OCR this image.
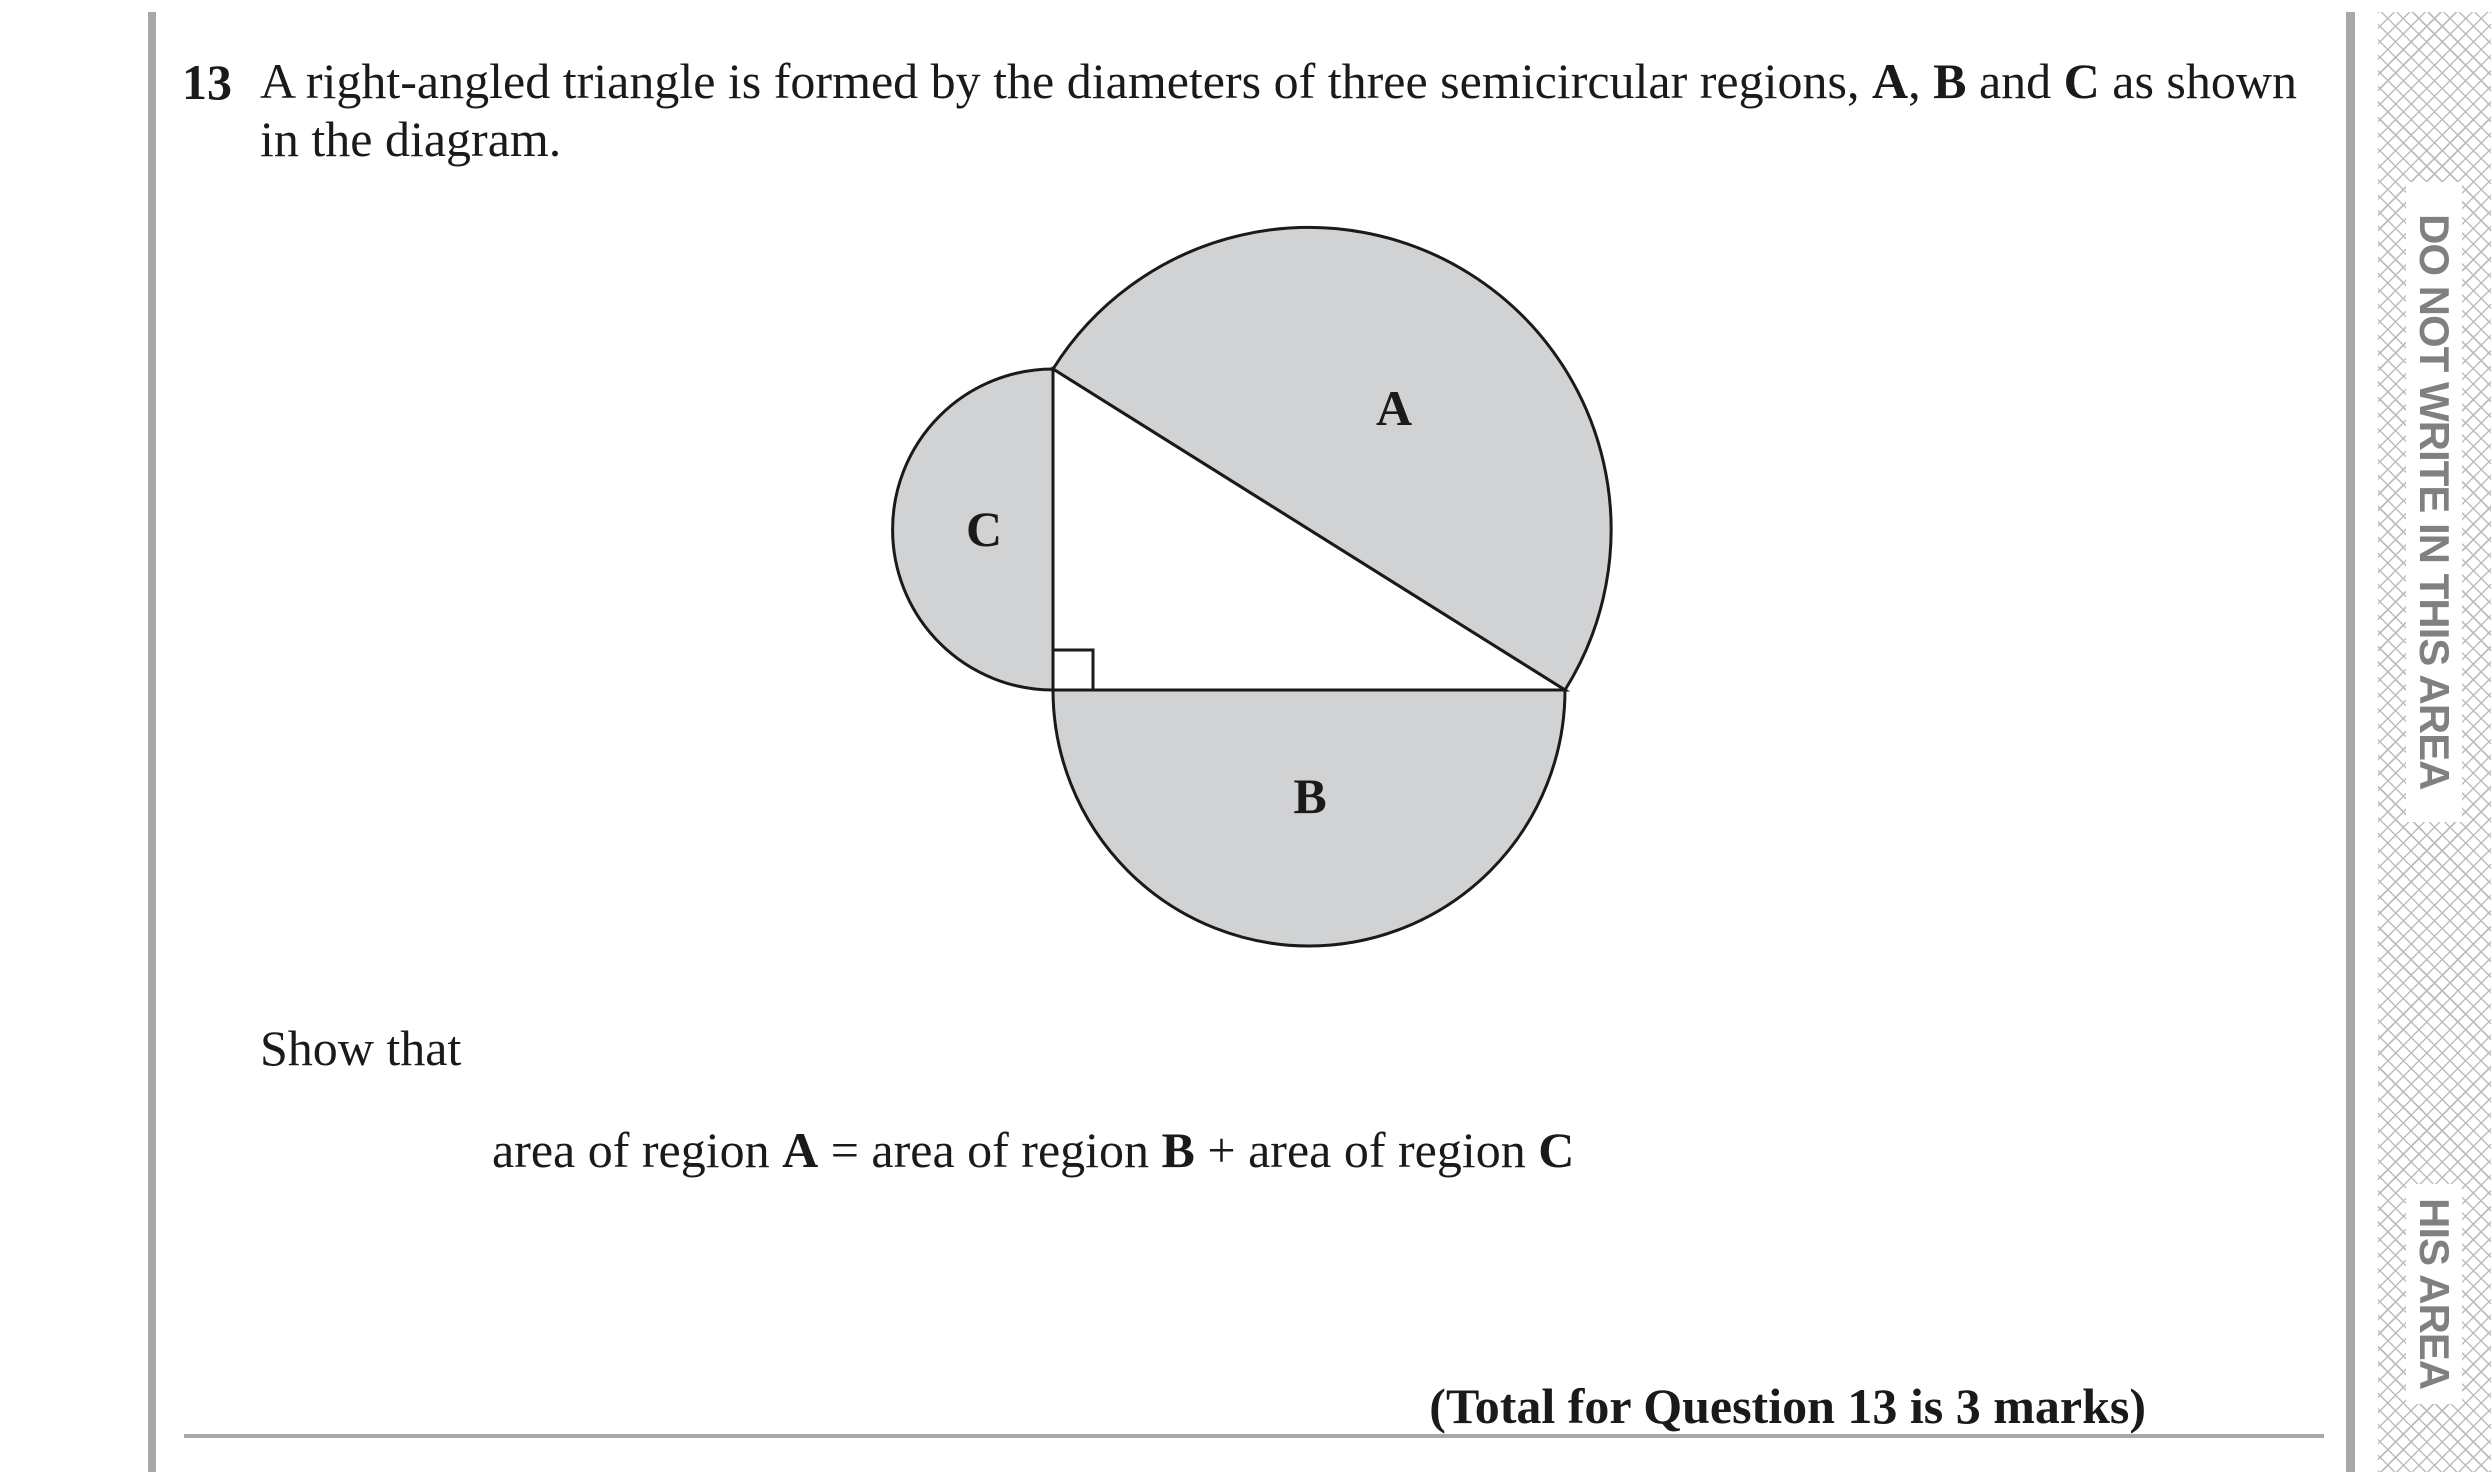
DO NOT WRITE IN THIS AREA
HIS AREA
13 A right-angled triangle is formed by the diameters of three semicircular regions, A, B and C as shown in the diagram.
A
B
C
Show that
area of region A = area of region B + area of region C
(Total for Question 13 is 3 marks)
